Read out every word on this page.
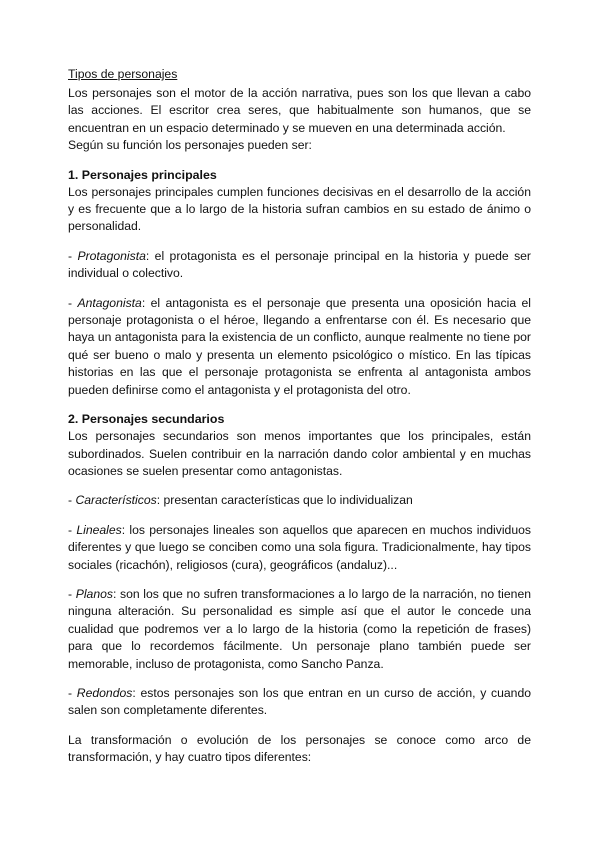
Tipos de personajes

Los personajes son el motor de la acción narrativa, pues son los que llevan a cabo las acciones. El escritor crea seres, que habitualmente son humanos, que se encuentran en un espacio determinado y se mueven en una determinada acción.

Según su función los personajes pueden ser:

1. Personajes principales

Los personajes principales cumplen funciones decisivas en el desarrollo de la acción y es frecuente que a lo largo de la historia sufran cambios en su estado de ánimo o personalidad.

- Protagonista: el protagonista es el personaje principal en la historia y puede ser individual o colectivo.

- Antagonista: el antagonista es el personaje que presenta una oposición hacia el personaje protagonista o el héroe, llegando a enfrentarse con él. Es necesario que haya un antagonista para la existencia de un conflicto, aunque realmente no tiene por qué ser bueno o malo y presenta un elemento psicológico o místico. En las típicas historias en las que el personaje protagonista se enfrenta al antagonista ambos pueden definirse como el antagonista y el protagonista del otro.

2. Personajes secundarios

Los personajes secundarios son menos importantes que los principales, están subordinados. Suelen contribuir en la narración dando color ambiental y en muchas ocasiones se suelen presentar como antagonistas.

- Característicos: presentan características que lo individualizan

- Lineales: los personajes lineales son aquellos que aparecen en muchos individuos diferentes y que luego se conciben como una sola figura. Tradicionalmente, hay tipos sociales (ricachón), religiosos (cura), geográficos (andaluz)...

- Planos: son los que no sufren transformaciones a lo largo de la narración, no tienen ninguna alteración. Su personalidad es simple así que el autor le concede una cualidad que podremos ver a lo largo de la historia (como la repetición de frases) para que lo recordemos fácilmente. Un personaje plano también puede ser memorable, incluso de protagonista, como Sancho Panza.

- Redondos: estos personajes son los que entran en un curso de acción, y cuando salen son completamente diferentes.

La transformación o evolución de los personajes se conoce como arco de transformación, y hay cuatro tipos diferentes:
